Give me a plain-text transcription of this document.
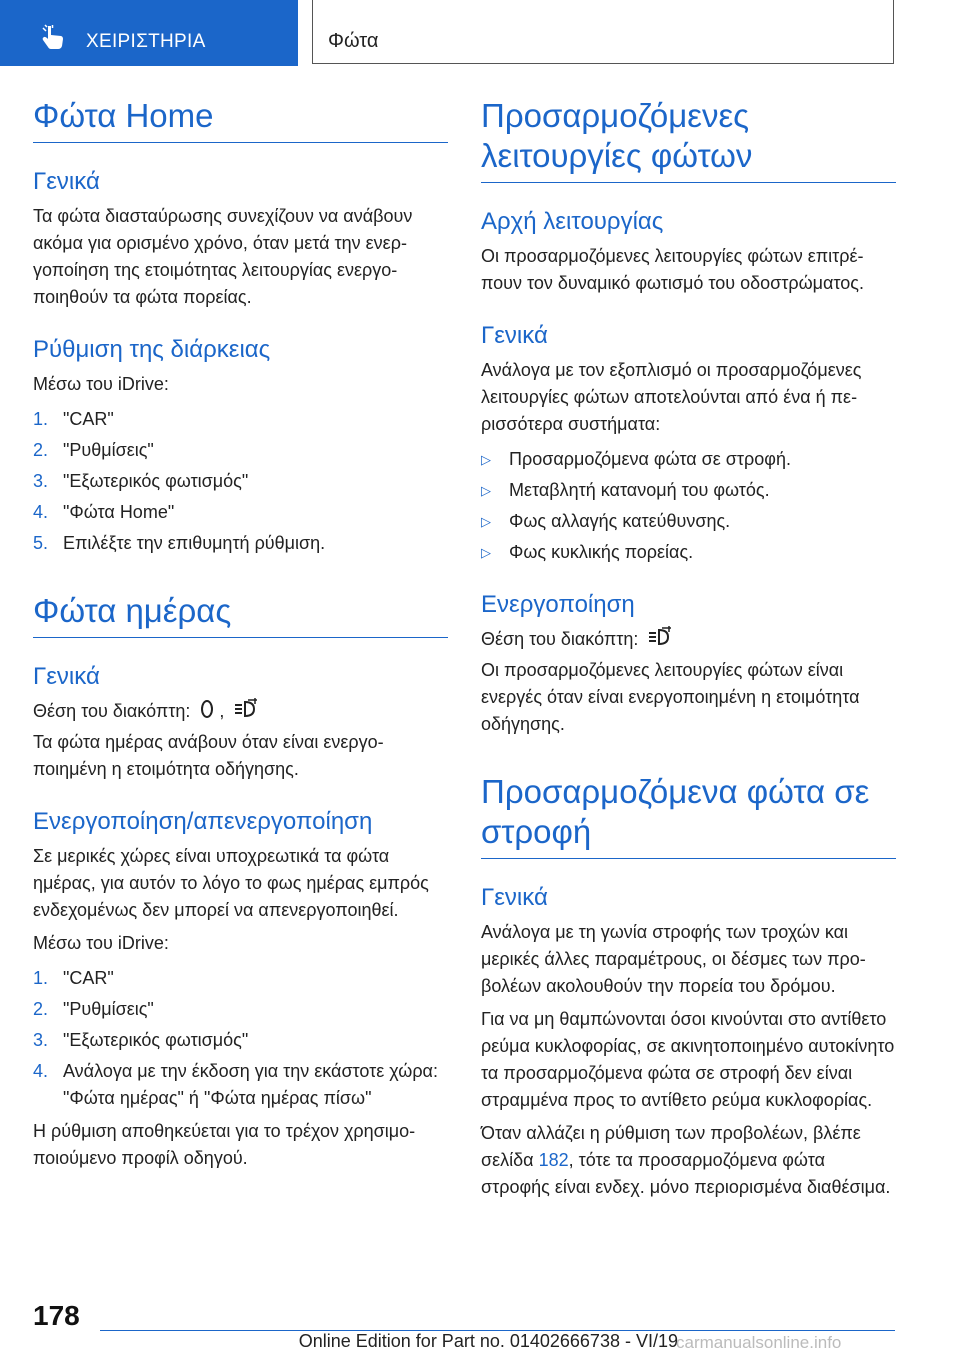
ΧΕΙΡΙΣΤΗΡΙΑ	Φώτα
Φώτα Home
Γενικά

Τα φώτα διασταύρωσης συνεχίζουν να ανάβουν ακόμα για ορισμένο χρόνο, όταν μετά την ενεργοποίηση της ετοιμότητας λειτουργίας ενεργοποιηθούν τα φώτα πορείας.

Ρύθμιση της διάρκειας

Μέσω του iDrive:

1. "CAR"
2. "Ρυθμίσεις"
3. "Εξωτερικός φωτισμός"
4. "Φώτα Home"
5. Επιλέξτε την επιθυμητή ρύθμιση.
Φώτα ημέρας
Γενικά

Θέση του διακόπτη: ,

Τα φώτα ημέρας ανάβουν όταν είναι ενεργοποιημένη η ετοιμότητα οδήγησης.

Ενεργοποίηση/απενεργοποίηση

Σε μερικές χώρες είναι υποχρεωτικά τα φώτα ημέρας, για αυτόν το λόγο το φως ημέρας εμπρός ενδεχομένως δεν μπορεί να απενεργοποιηθεί.

Μέσω του iDrive:

1. "CAR"
2. "Ρυθμίσεις"
3. "Εξωτερικός φωτισμός"
4. Ανάλογα με την έκδοση για την εκάστοτε χώρα: "Φώτα ημέρας" ή "Φώτα ημέρας πίσω"

Η ρύθμιση αποθηκεύεται για το τρέχον χρησιμοποιούμενο προφίλ οδηγού.

Προσαρμοζόμενες λειτουργίες φώτων
Αρχή λειτουργίας

Οι προσαρμοζόμενες λειτουργίες φώτων επιτρέπουν τον δυναμικό φωτισμό του οδοστρώματος.

Γενικά

Ανάλογα με τον εξοπλισμό οι προσαρμοζόμενες λειτουργίες φώτων αποτελούνται από ένα ή περισσότερα συστήματα:

▷	Προσαρμοζόμενα φώτα σε στροφή.
▷	Μεταβλητή κατανομή του φωτός.
▷	Φως αλλαγής κατεύθυνσης.
▷	Φως κυκλικής πορείας.
Ενεργοποίηση

Θέση του διακόπτη:

Οι προσαρμοζόμενες λειτουργίες φώτων είναι ενεργές όταν είναι ενεργοποιημένη η ετοιμότητα οδήγησης.

Προσαρμοζόμενα φώτα σε στροφή
Γενικά

Ανάλογα με τη γωνία στροφής των τροχών και μερικές άλλες παραμέτρους, οι δέσμες των προβολέων ακολουθούν την πορεία του δρόμου.

Για να μη θαμπώνονται όσοι κινούνται στο αντίθετο ρεύμα κυκλοφορίας, σε ακινητοποιημένο αυτοκίνητο τα προσαρμοζόμενα φώτα σε στροφή δεν είναι στραμμένα προς το αντίθετο ρεύμα κυκλοφορίας.

Όταν αλλάζει η ρύθμιση των προβολέων, βλέπε σελίδα 182, τότε τα προσαρμοζόμενα φώτα στροφής είναι ενδεχ. μόνο περιορισμένα διαθέσιμα.

178
Online Edition for Part no. 01402666738 - VI/19
carmanualsonline.info
